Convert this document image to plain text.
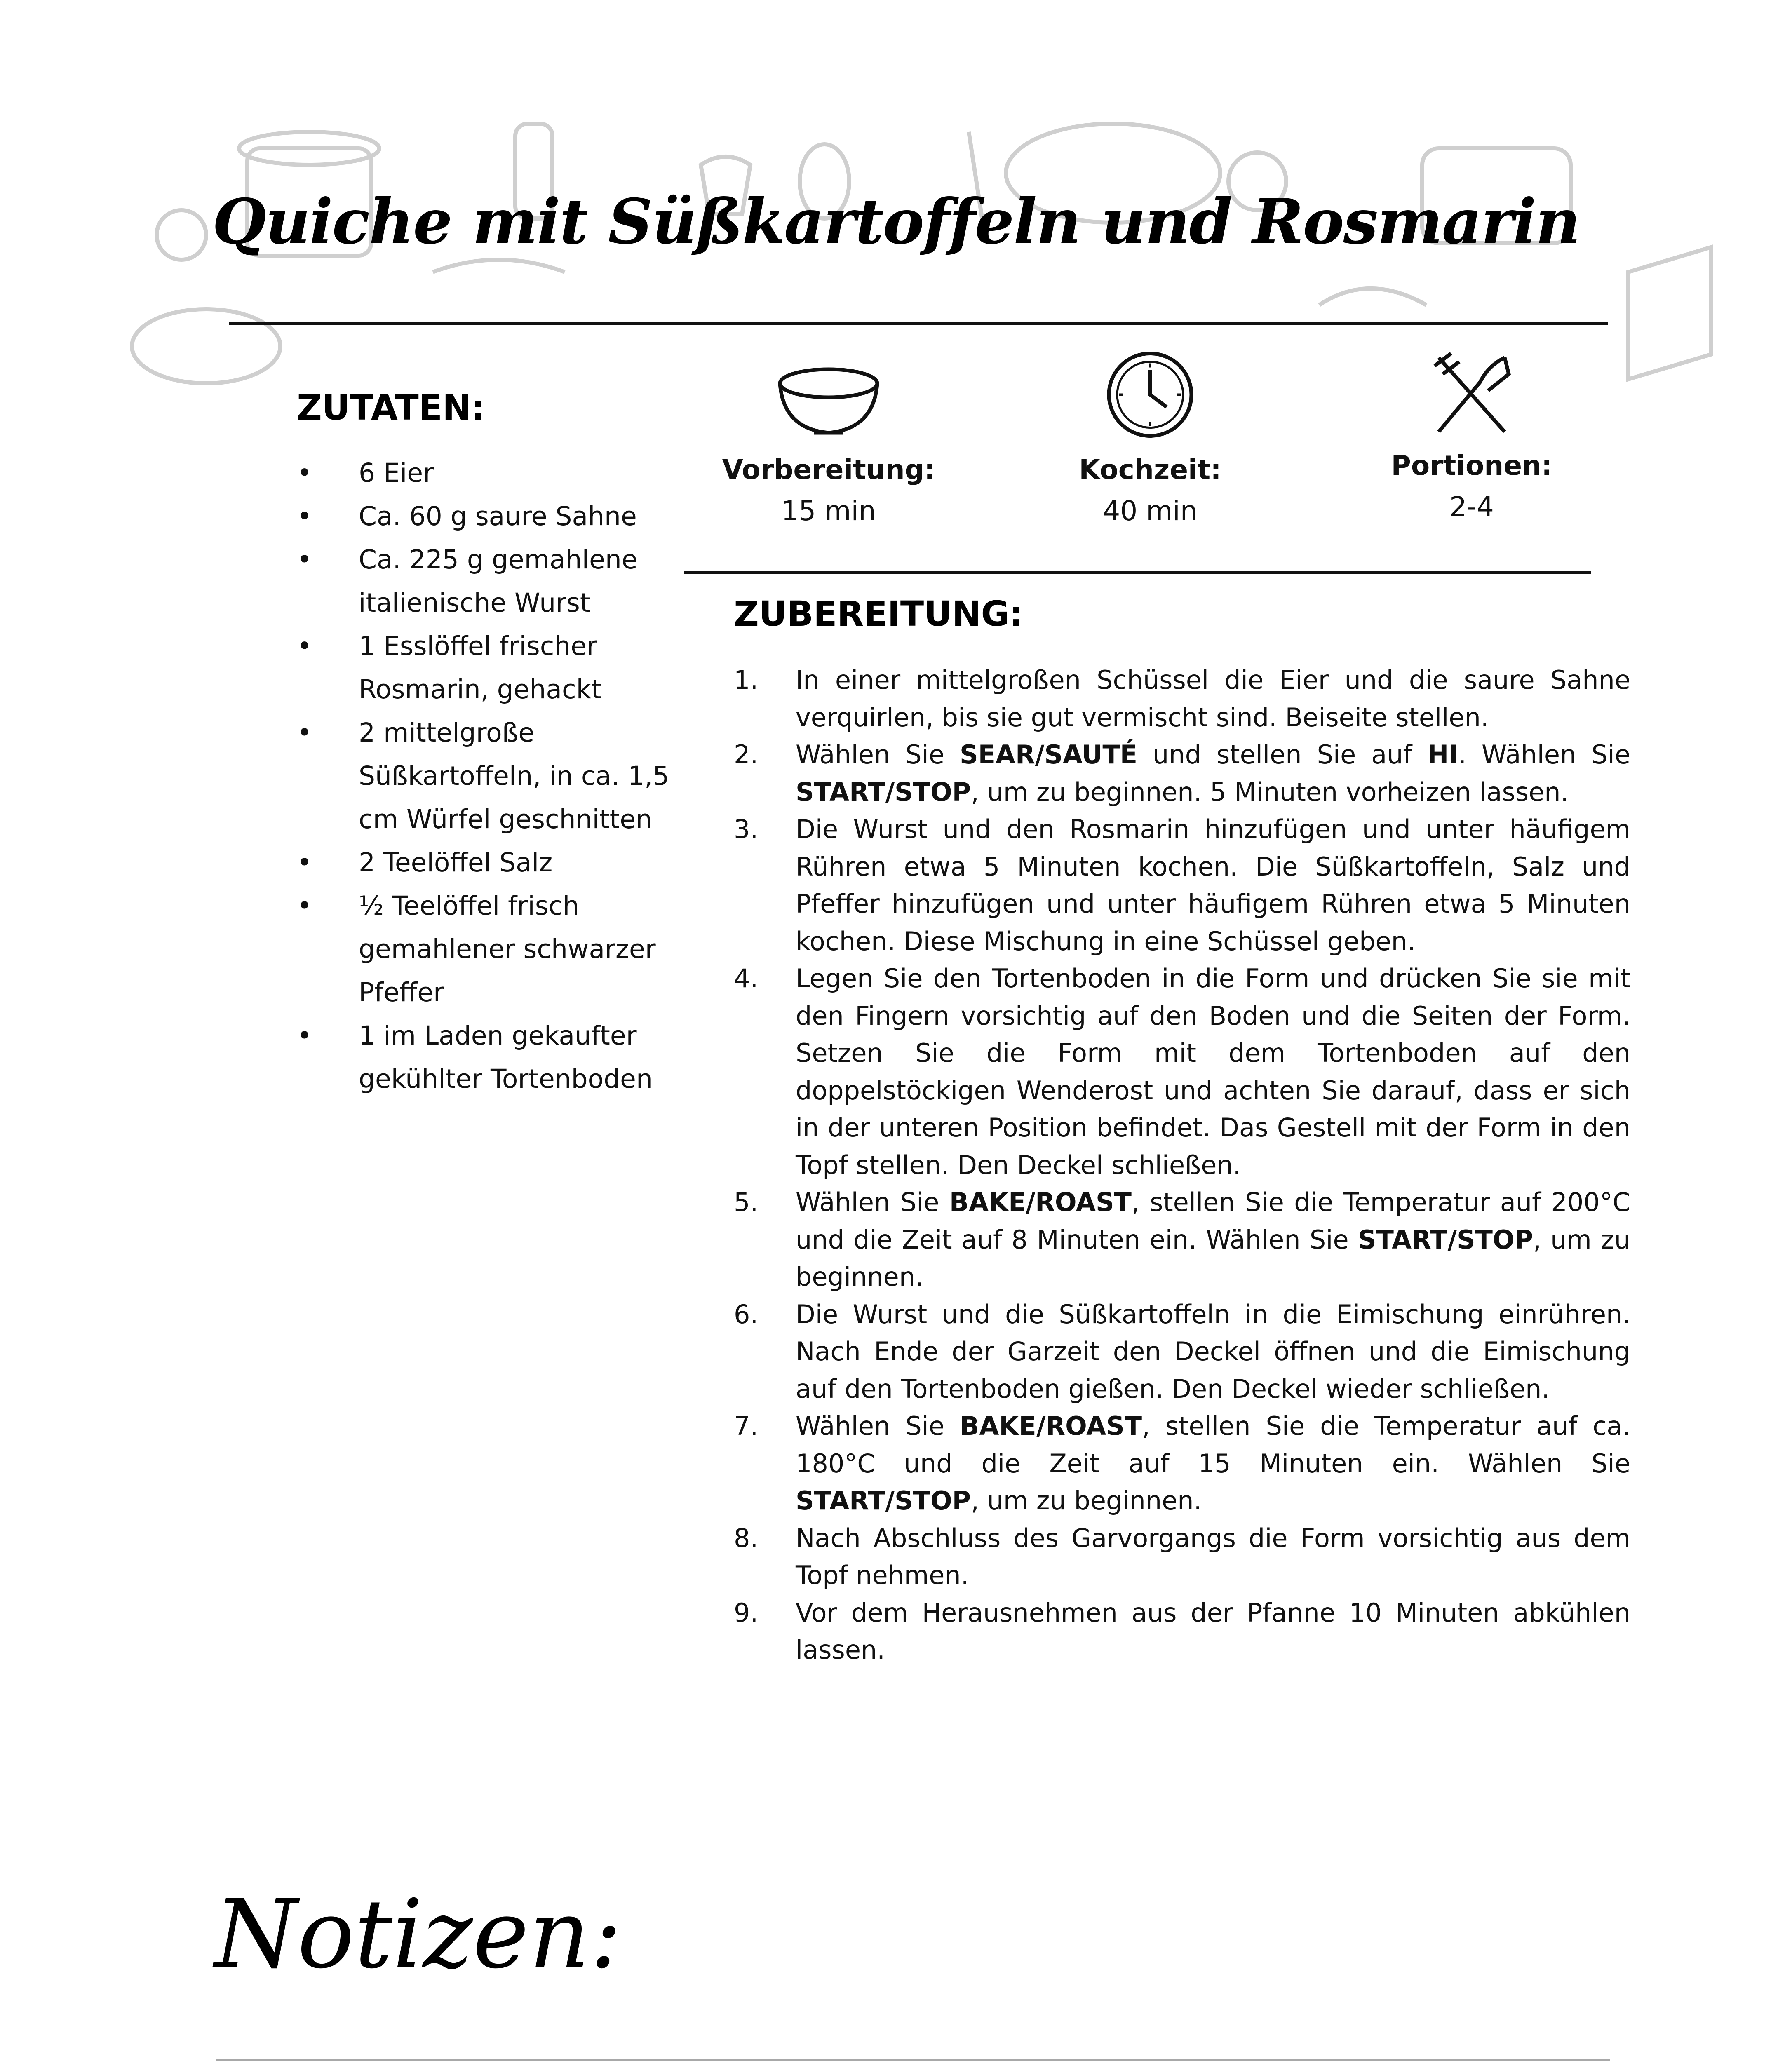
Quiche mit Süßkartoffeln und Rosmarin
ZUTATEN:
• 6 Eier
• Ca. 60 g saure Sahne
• Ca. 225 g gemahlene italienische Wurst
• 1 Esslöffel frischer Rosmarin, gehackt
• 2 mittelgroße Süßkartoffeln, in ca. 1,5 cm Würfel geschnitten
• 2 Teelöffel Salz
• ½ Teelöffel frisch gemahlener schwarzer Pfeffer
• 1 im Laden gekaufter gekühlter Tortenboden
Vorbereitung:
15 min
Kochzeit:
40 min
Portionen:
2-4
ZUBEREITUNG:
1. In einer mittelgroßen Schüssel die Eier und die saure Sahne verquirlen, bis sie gut vermischt sind. Beiseite stellen.
2. Wählen Sie SEAR/SAUTÉ und stellen Sie auf HI. Wählen Sie START/STOP, um zu beginnen. 5 Minuten vorheizen lassen.
3. Die Wurst und den Rosmarin hinzufügen und unter häufigem Rühren etwa 5 Minuten kochen. Die Süßkartoffeln, Salz und Pfeffer hinzufügen und unter häufigem Rühren etwa 5 Minuten kochen. Diese Mischung in eine Schüssel geben.
4. Legen Sie den Tortenboden in die Form und drücken Sie sie mit den Fingern vorsichtig auf den Boden und die Seiten der Form. Setzen Sie die Form mit dem Tortenboden auf den doppelstöckigen Wenderost und achten Sie darauf, dass er sich in der unteren Position befindet. Das Gestell mit der Form in den Topf stellen. Den Deckel schließen.
5. Wählen Sie BAKE/ROAST, stellen Sie die Temperatur auf 200°C und die Zeit auf 8 Minuten ein. Wählen Sie START/STOP, um zu beginnen.
6. Die Wurst und die Süßkartoffeln in die Eimischung einrühren. Nach Ende der Garzeit den Deckel öffnen und die Eimischung auf den Tortenboden gießen. Den Deckel wieder schließen.
7. Wählen Sie BAKE/ROAST, stellen Sie die Temperatur auf ca. 180°C und die Zeit auf 15 Minuten ein. Wählen Sie START/STOP, um zu beginnen.
8. Nach Abschluss des Garvorgangs die Form vorsichtig aus dem Topf nehmen.
9. Vor dem Herausnehmen aus der Pfanne 10 Minuten abkühlen lassen.
Notizen:
